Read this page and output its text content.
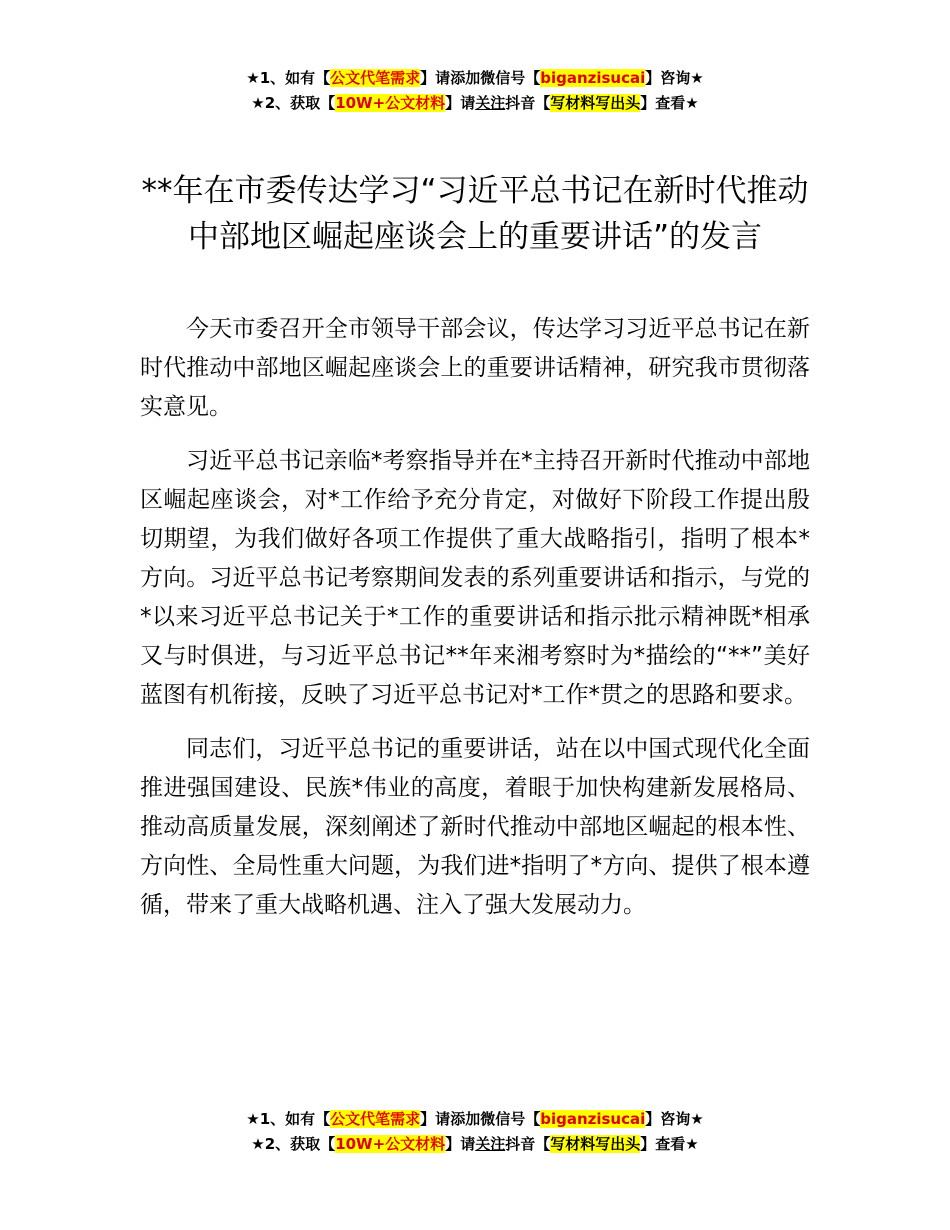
★1、如有【公文代笔需求】请添加微信号【biganzisucai】咨询★
★2、获取【10W+公文材料】请关注抖音【写材料写出头】查看★
**年在市委传达学习“习近平总书记在新时代推动中部地区崛起座谈会上的重要讲话”的发言

今天市委召开全市领导干部会议，传达学习习近平总书记在新时代推动中部地区崛起座谈会上的重要讲话精神，研究我市贯彻落实意见。

习近平总书记亲临*考察指导并在*主持召开新时代推动中部地区崛起座谈会，对*工作给予充分肯定，对做好下阶段工作提出殷切期望，为我们做好各项工作提供了重大战略指引，指明了根本*方向。习近平总书记考察期间发表的系列重要讲话和指示，与党的*以来习近平总书记关于*工作的重要讲话和指示批示精神既*相承又与时俱进，与习近平总书记**年来湘考察时为*描绘的“**”美好蓝图有机衔接，反映了习近平总书记对*工作*贯之的思路和要求。

同志们，习近平总书记的重要讲话，站在以中国式现代化全面推进强国建设、民族*伟业的高度，着眼于加快构建新发展格局、推动高质量发展，深刻阐述了新时代推动中部地区崛起的根本性、方向性、全局性重大问题，为我们进*指明了*方向、提供了根本遵循，带来了重大战略机遇、注入了强大发展动力。

★1、如有【公文代笔需求】请添加微信号【biganzisucai】咨询★
★2、获取【10W+公文材料】请关注抖音【写材料写出头】查看★
